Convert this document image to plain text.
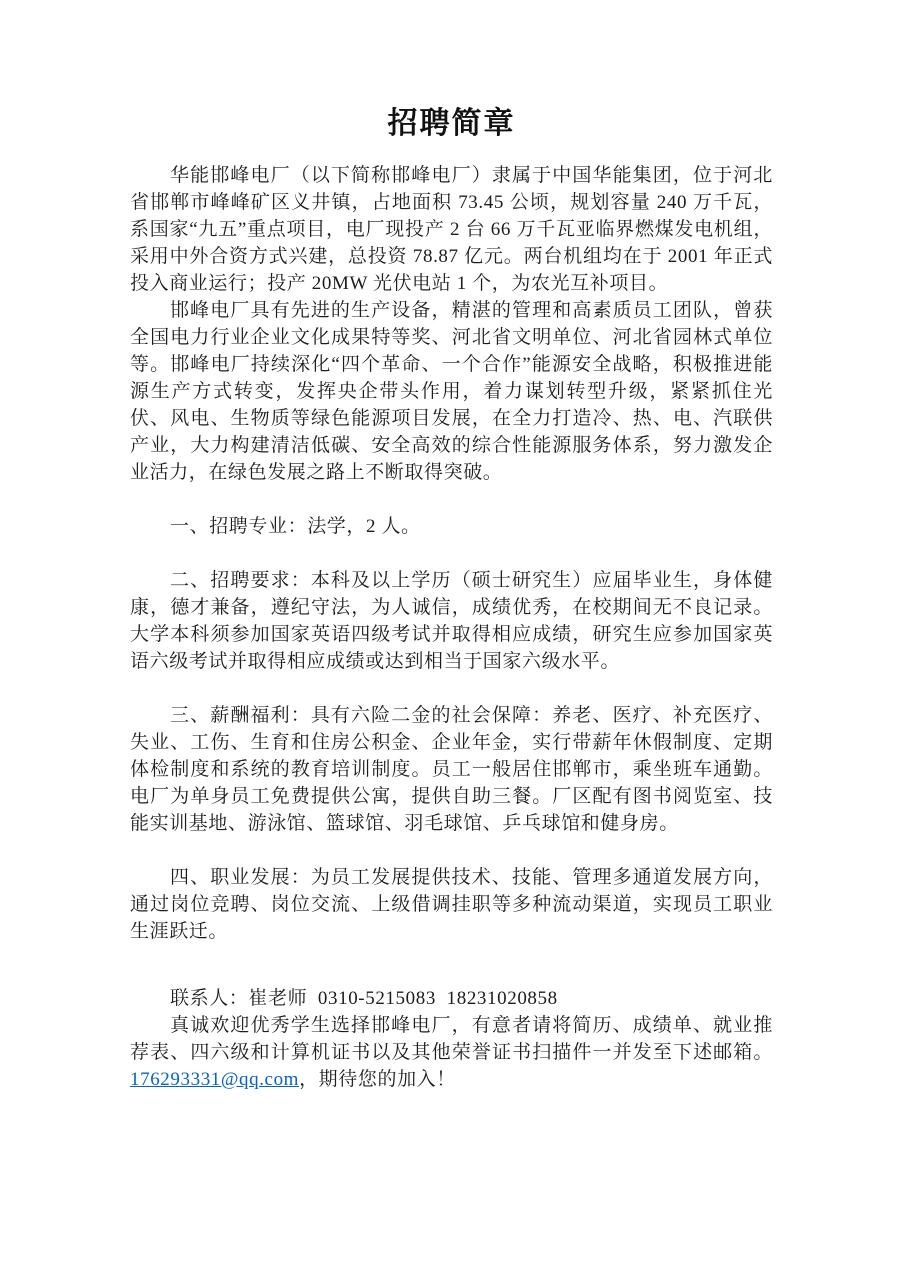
招聘简章

华能邯峰电厂（以下简称邯峰电厂）隶属于中国华能集团，位于河北省邯郸市峰峰矿区义井镇，占地面积 73.45 公顷，规划容量 240 万千瓦，系国家“九五”重点项目，电厂现投产 2 台 66 万千瓦亚临界燃煤发电机组，采用中外合资方式兴建，总投资 78.87 亿元。两台机组均在于 2001 年正式投入商业运行；投产 20MW 光伏电站 1 个，为农光互补项目。

邯峰电厂具有先进的生产设备，精湛的管理和高素质员工团队，曾获全国电力行业企业文化成果特等奖、河北省文明单位、河北省园林式单位等。邯峰电厂持续深化“四个革命、一个合作”能源安全战略，积极推进能源生产方式转变，发挥央企带头作用，着力谋划转型升级，紧紧抓住光伏、风电、生物质等绿色能源项目发展，在全力打造冷、热、电、汽联供产业，大力构建清洁低碳、安全高效的综合性能源服务体系，努力激发企业活力，在绿色发展之路上不断取得突破。

一、招聘专业：法学，2 人。

二、招聘要求：本科及以上学历（硕士研究生）应届毕业生，身体健康，德才兼备，遵纪守法，为人诚信，成绩优秀，在校期间无不良记录。大学本科须参加国家英语四级考试并取得相应成绩，研究生应参加国家英语六级考试并取得相应成绩或达到相当于国家六级水平。

三、薪酬福利：具有六险二金的社会保障：养老、医疗、补充医疗、失业、工伤、生育和住房公积金、企业年金，实行带薪年休假制度、定期体检制度和系统的教育培训制度。员工一般居住邯郸市，乘坐班车通勤。电厂为单身员工免费提供公寓，提供自助三餐。厂区配有图书阅览室、技能实训基地、游泳馆、篮球馆、羽毛球馆、乒乓球馆和健身房。

四、职业发展：为员工发展提供技术、技能、管理多通道发展方向，通过岗位竞聘、岗位交流、上级借调挂职等多种流动渠道，实现员工职业生涯跃迁。

联系人：崔老师  0310-5215083  18231020858

真诚欢迎优秀学生选择邯峰电厂，有意者请将简历、成绩单、就业推荐表、四六级和计算机证书以及其他荣誉证书扫描件一并发至下述邮箱。176293331@qq.com，期待您的加入！
